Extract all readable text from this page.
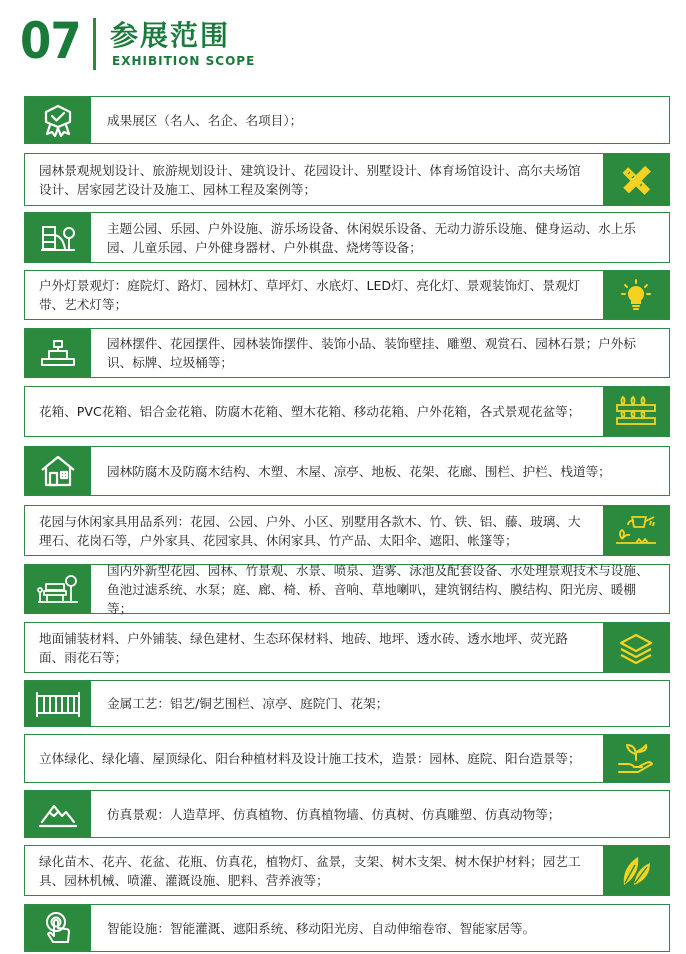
07 参展范围
EXHIBITION SCOPE
成果展区（名人、名企、名项目）；
园林景观规划设计、旅游规划设计、建筑设计、花园设计、别墅设计、体育场馆设计、高尔夫场馆设计、居家园艺设计及施工、园林工程及案例等；
主题公园、乐园、户外设施、游乐场设备、休闲娱乐设备、无动力游乐设施、健身运动、水上乐园、儿童乐园、户外健身器材、户外棋盘、烧烤等设备；
户外灯景观灯：庭院灯、路灯、园林灯、草坪灯、水底灯、LED灯、亮化灯、景观装饰灯、景观灯带、艺术灯等；
园林摆件、花园摆件、园林装饰摆件、装饰小品、装饰壁挂、雕塑、观赏石、园林石景；户外标识、标牌、垃圾桶等；
花箱、PVC花箱、铝合金花箱、防腐木花箱、塑木花箱、移动花箱、户外花箱，各式景观花盆等；
园林防腐木及防腐木结构、木塑、木屋、凉亭、地板、花架、花廊、围栏、护栏、栈道等；
花园与休闲家具用品系列：花园、公园、户外、小区、别墅用各款木、竹、铁、铝、藤、玻璃、大理石、花岗石等，户外家具、花园家具、休闲家具、竹产品、太阳伞、遮阳、帐篷等；
国内外新型花园、园林、竹景观、水景、喷泉、造雾、泳池及配套设备、水处理景观技术与设施、鱼池过滤系统、水泵；庭、廊、椅、桥、音响、草地喇叭，建筑钢结构、膜结构、阳光房、暖棚等；
地面铺装材料、户外铺装、绿色建材、生态环保材料、地砖、地坪、透水砖、透水地坪、荧光路面、雨花石等；
金属工艺：铝艺/铜艺围栏、凉亭、庭院门、花架；
立体绿化、绿化墙、屋顶绿化、阳台种植材料及设计施工技术，造景：园林、庭院、阳台造景等；
仿真景观：人造草坪、仿真植物、仿真植物墙、仿真树、仿真雕塑、仿真动物等；
绿化苗木、花卉、花盆、花瓶、仿真花，植物灯、盆景，支架、树木支架、树木保护材料；园艺工具、园林机械、喷灌、灌溉设施、肥料、营养液等；
智能设施：智能灌溉、遮阳系统、移动阳光房、自动伸缩卷帘、智能家居等。
